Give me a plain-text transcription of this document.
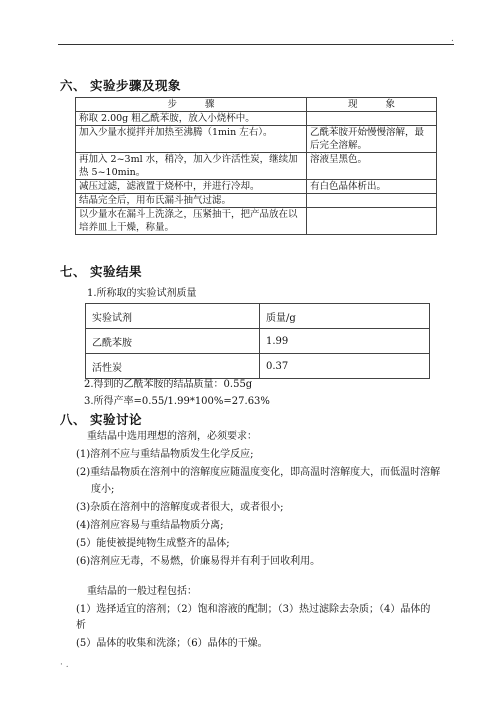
.
六、 实验步骤及现象
步骤	现象
称取 2.00g 粗乙酰苯胺，放入小烧杯中。	
加入少量水搅拌并加热至沸腾（1min 左右）。	乙酰苯胺开始慢慢溶解，最后完全溶解。
再加入 2~3ml 水，稍冷，加入少许活性炭，继续加热 5~10min。	溶液呈黑色。
减压过滤，滤液置于烧杯中，并进行冷却。	有白色晶体析出。
结晶完全后，用布氏漏斗抽气过滤。	
以少量水在漏斗上洗涤之，压紧抽干，把产品放在以培养皿上干燥，称量。	
七、 实验结果
1.所称取的实验试剂质量
实验试剂	质量/g
乙酰苯胺	1.99
活性炭	0.37
2.得到的乙酰苯胺的结晶质量：0.55g
3.所得产率=0.55/1.99*100%=27.63%
八、 实验讨论
重结晶中选用理想的溶剂，必须要求：
(1)溶剂不应与重结晶物质发生化学反应;
(2)重结晶物质在溶剂中的溶解度应随温度变化，即高温时溶解度大，而低温时溶解
度小;
(3)杂质在溶剂中的溶解度或者很大，或者很小;
(4)溶剂应容易与重结晶物质分离;
(5）能使被提纯物生成整齐的晶体;
(6)溶剂应无毒，不易燃，价廉易得并有利于回收利用。
重结晶的一般过程包括：
(1）选择适宜的溶剂；（2）饱和溶液的配制；（3）热过滤除去杂质；（4）晶体的
析
(5）晶体的收集和洗涤；（6）晶体的干燥。
· .
